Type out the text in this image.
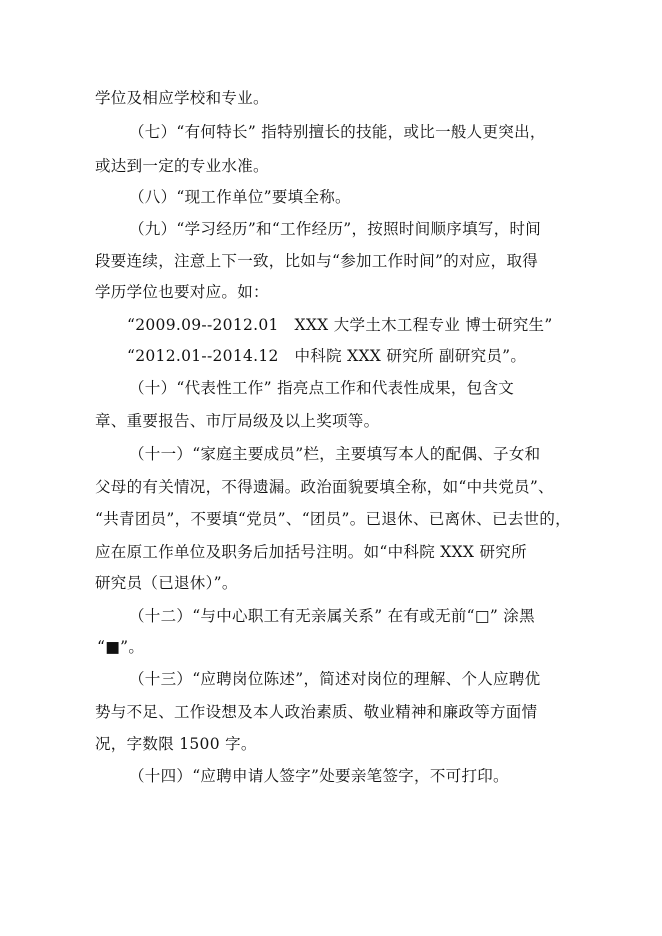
学位及相应学校和专业。
（七）“有何特长” 指特别擅长的技能，或比一般人更突出，
或达到一定的专业水准。
（八）“现工作单位”要填全称。
（九）“学习经历”和“工作经历”，按照时间顺序填写，时间
段要连续，注意上下一致，比如与“参加工作时间”的对应，取得
学历学位也要对应。如：
“2009.09--2012.01　XXX 大学土木工程专业 博士研究生”
“2012.01--2014.12　中科院 XXX 研究所 副研究员”。
（十）“代表性工作” 指亮点工作和代表性成果，包含文
章、重要报告、市厅局级及以上奖项等。
（十一）“家庭主要成员”栏，主要填写本人的配偶、子女和
父母的有关情况，不得遗漏。政治面貌要填全称，如“中共党员”、
“共青团员”，不要填“党员”、“团员”。已退休、已离休、已去世的，
应在原工作单位及职务后加括号注明。如“中科院 XXX 研究所
研究员（已退休）”。
（十二）“与中心职工有无亲属关系” 在有或无前“□” 涂黑
“■”。
（十三）“应聘岗位陈述”，简述对岗位的理解、个人应聘优
势与不足、工作设想及本人政治素质、敬业精神和廉政等方面情
况，字数限 1500 字。
（十四）“应聘申请人签字”处要亲笔签字，不可打印。
